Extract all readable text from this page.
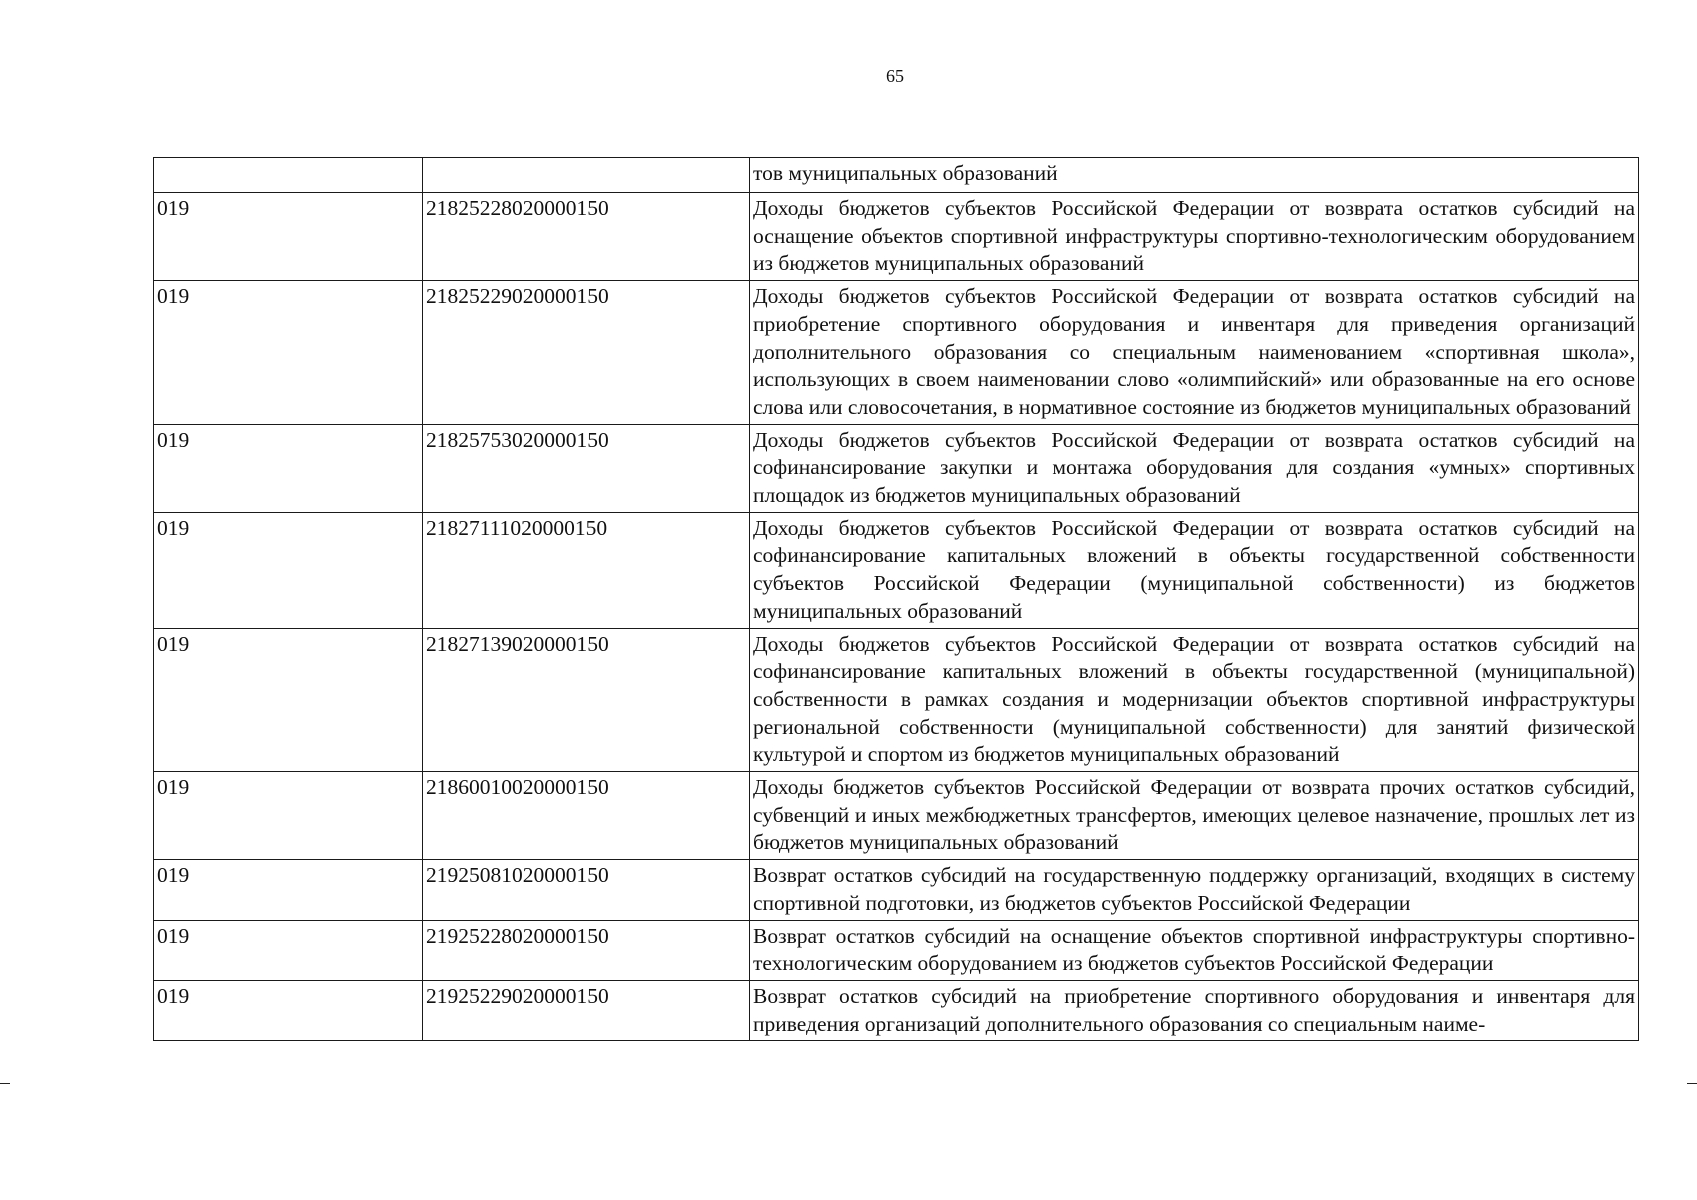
65
		тов муниципальных образований
019	21825228020000150	Доходы бюджетов субъектов Российской Федерации от возврата остатков субсидий на оснащение объектов спортивной инфраструктуры спортивно-технологическим оборудованием из бюджетов муниципальных образований
019	21825229020000150	Доходы бюджетов субъектов Российской Федерации от возврата остатков субсидий на приобретение спортивного оборудования и инвентаря для приведения организаций дополнительного образования со специальным наименованием «спортивная школа», использующих в своем наименовании слово «олимпийский» или образованные на его основе слова или словосочетания, в нормативное состояние из бюджетов муниципальных образований
019	21825753020000150	Доходы бюджетов субъектов Российской Федерации от возврата остатков субсидий на софинансирование закупки и монтажа оборудования для создания «умных» спортивных площадок из бюджетов муниципальных образований
019	21827111020000150	Доходы бюджетов субъектов Российской Федерации от возврата остатков субсидий на софинансирование капитальных вложений в объекты государственной собственности субъектов Российской Федерации (муниципальной собственности) из бюджетов муниципальных образований
019	21827139020000150	Доходы бюджетов субъектов Российской Федерации от возврата остатков субсидий на софинансирование капитальных вложений в объекты государственной (муниципальной) собственности в рамках создания и модернизации объектов спортивной инфраструктуры региональной собственности (муниципальной собственности) для занятий физической культурой и спортом из бюджетов муниципальных образований
019	21860010020000150	Доходы бюджетов субъектов Российской Федерации от возврата прочих остатков субсидий, субвенций и иных межбюджетных трансфертов, имеющих целевое назначение, прошлых лет из бюджетов муниципальных образований
019	21925081020000150	Возврат остатков субсидий на государственную поддержку организаций, входящих в систему спортивной подготовки, из бюджетов субъектов Российской Федерации
019	21925228020000150	Возврат остатков субсидий на оснащение объектов спортивной инфраструктуры спортивно-технологическим оборудованием из бюджетов субъектов Российской Федерации
019	21925229020000150	Возврат остатков субсидий на приобретение спортивного оборудования и инвентаря для приведения организаций дополнительного образования со специальным наиме-
